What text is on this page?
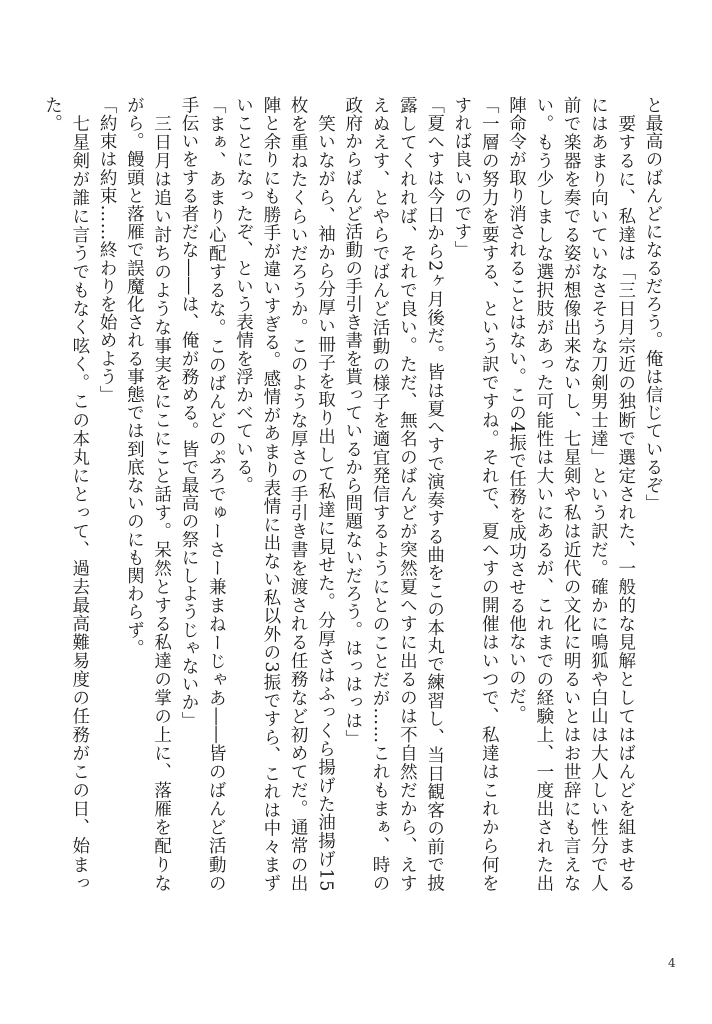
と最高のばんどになるだろう。俺は信じているぞ」

　要するに、私達は「三日月宗近の独断で選定された、一般的な見解としてはばんどを組ませるにはあまり向いていなさそうな刀剣男士達」という訳だ。確かに鳴狐や白山は大人しい性分で人前で楽器を奏でる姿が想像出来ないし、七星剣や私は近代の文化に明るいとはお世辞にも言えない。もう少しましな選択肢があった可能性は大いにあるが、これまでの経験上、一度出された出陣命令が取り消されることはない。この4振で任務を成功させる他ないのだ。

「一層の努力を要する、という訳ですね。それで、夏へすの開催はいつで、私達はこれから何をすれば良いのです」

「夏へすは今日から2ヶ月後だ。皆は夏へすで演奏する曲をこの本丸で練習し、当日観客の前で披露してくれれば、それで良い。ただ、無名のばんどが突然夏へすに出るのは不自然だから、えすえぬえす、とやらでばんど活動の様子を適宜発信するようにとのことだが……これもまぁ、時の政府からばんど活動の手引き書を貰っているから問題ないだろう。はっはっは」

　笑いながら、袖から分厚い冊子を取り出して私達に見せた。分厚さはふっくら揚げた油揚げ15枚を重ねたくらいだろうか。このような厚さの手引き書を渡される任務など初めてだ。通常の出陣と余りにも勝手が違いすぎる。感情があまり表情に出ない私以外の3振ですら、これは中々まずいことになったぞ、という表情を浮かべている。

「まぁ、あまり心配するな。このばんどのぷろでゅーさー兼まねーじゃあ――皆のばんど活動の手伝いをする者だな――は、俺が務める。皆で最高の祭にしようじゃないか」

　三日月は追い討ちのような事実をにこにこと話す。呆然とする私達の掌の上に、落雁を配りながら。饅頭と落雁で誤魔化される事態では到底ないのにも関わらず。

「約束は約束……終わりを始めよう」

　七星剣が誰に言うでもなく呟く。この本丸にとって、過去最高難易度の任務がこの日、始まった。

4
